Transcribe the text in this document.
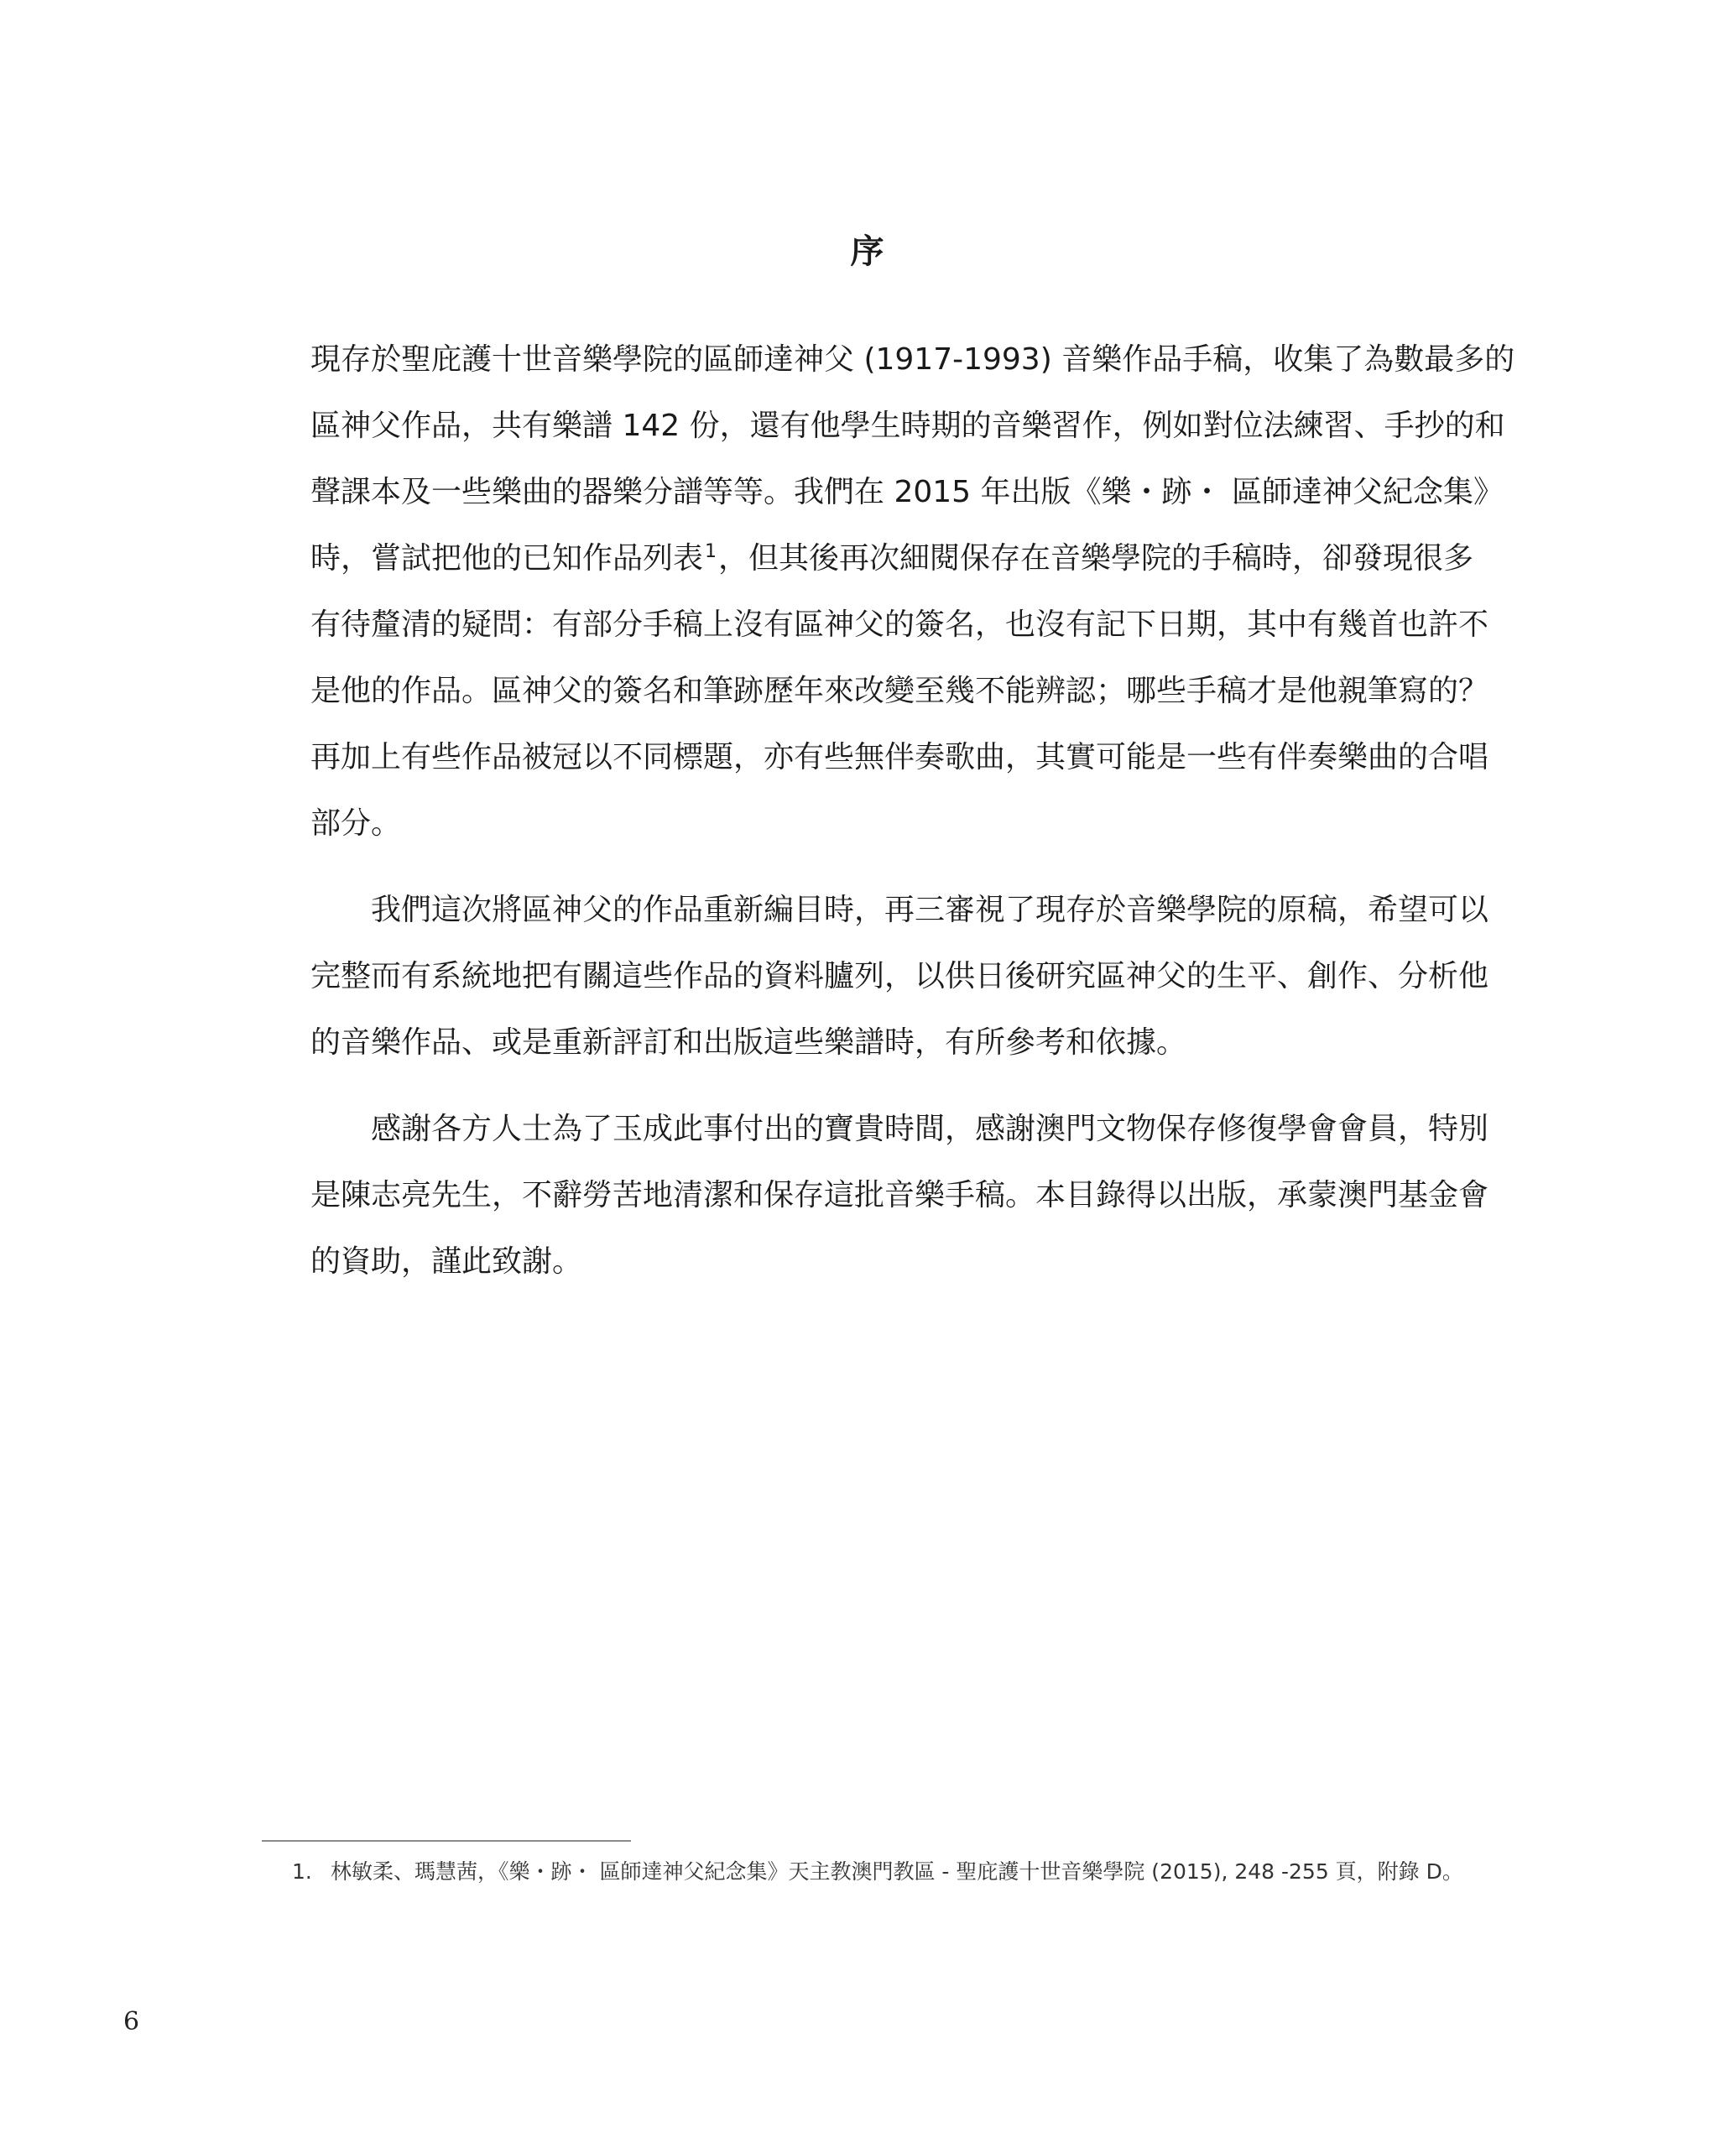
序
現存於聖庇護十世音樂學院的區師達神父 (1917-1993) 音樂作品手稿，收集了為數最多的
區神父作品，共有樂譜 142 份，還有他學生時期的音樂習作，例如對位法練習、手抄的和
聲課本及一些樂曲的器樂分譜等等。我們在 2015 年出版《樂・跡・ 區師達神父紀念集》
時，嘗試把他的已知作品列表$^1$，但其後再次細閱保存在音樂學院的手稿時，卻發現很多
有待釐清的疑問：有部分手稿上沒有區神父的簽名，也沒有記下日期，其中有幾首也許不
是他的作品。區神父的簽名和筆跡歷年來改變至幾不能辨認；哪些手稿才是他親筆寫的？
再加上有些作品被冠以不同標題，亦有些無伴奏歌曲，其實可能是一些有伴奏樂曲的合唱
部分。
我們這次將區神父的作品重新編目時，再三審視了現存於音樂學院的原稿，希望可以
完整而有系統地把有關這些作品的資料臚列，以供日後研究區神父的生平、創作、分析他
的音樂作品、或是重新評訂和出版這些樂譜時，有所參考和依據。
感謝各方人士為了玉成此事付出的寶貴時間，感謝澳門文物保存修復學會會員，特別
是陳志亮先生，不辭勞苦地清潔和保存這批音樂手稿。本目錄得以出版，承蒙澳門基金會
的資助，謹此致謝。
1. 林敏柔、瑪慧茜，《樂・跡・ 區師達神父紀念集》天主教澳門教區 - 聖庇護十世音樂學院 (2015), 248 -255 頁，附錄 D。
6
